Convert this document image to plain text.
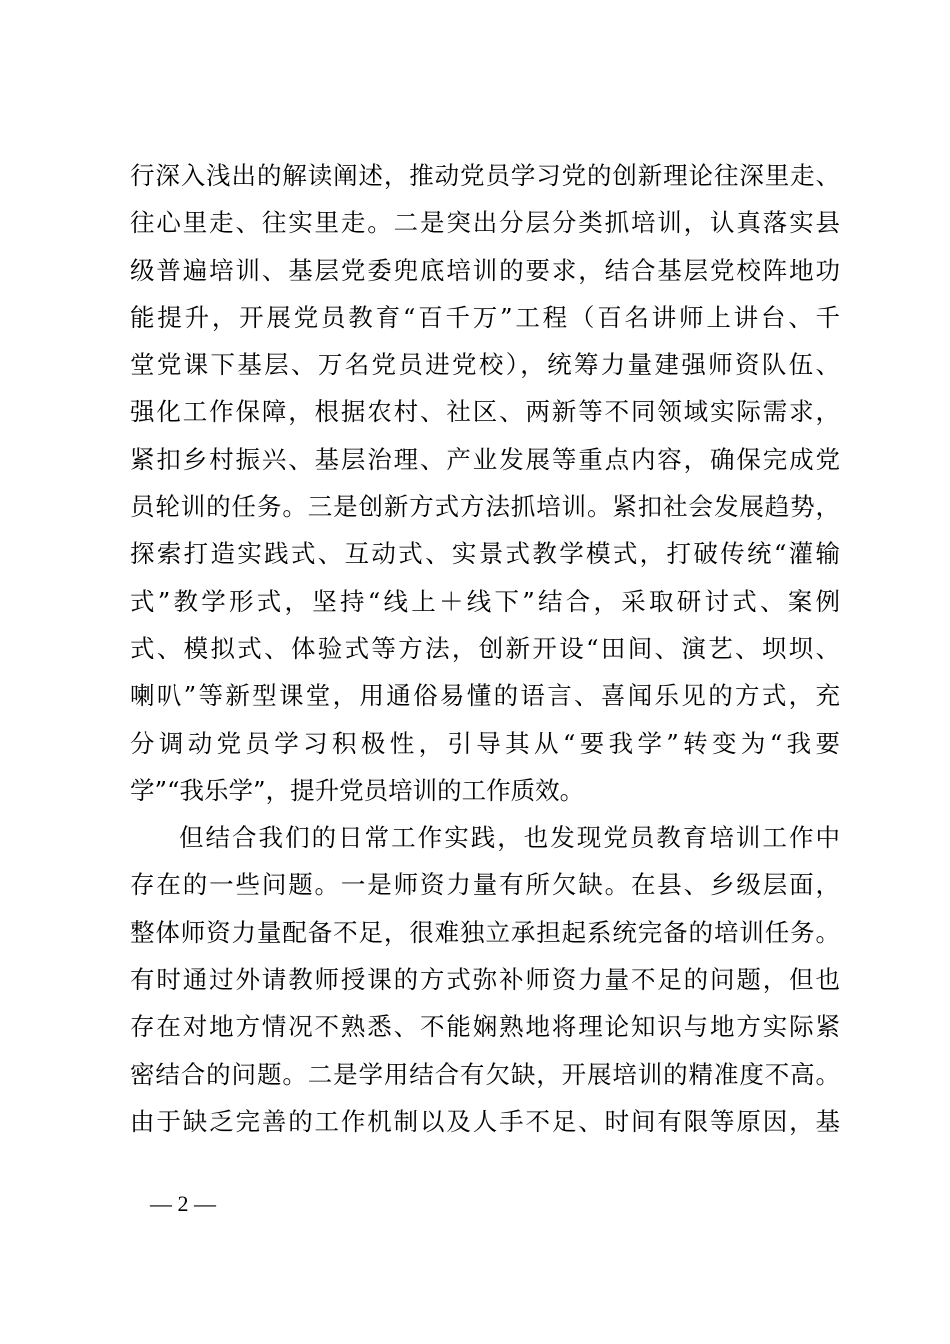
行深入浅出的解读阐述，推动党员学习党的创新理论往深里走、
往心里走、往实里走。二是突出分层分类抓培训，认真落实县
级普遍培训、基层党委兜底培训的要求，结合基层党校阵地功
能提升，开展党员教育“百千万”工程（百名讲师上讲台、千
堂党课下基层、万名党员进党校），统筹力量建强师资队伍、
强化工作保障，根据农村、社区、两新等不同领域实际需求，
紧扣乡村振兴、基层治理、产业发展等重点内容，确保完成党
员轮训的任务。三是创新方式方法抓培训。紧扣社会发展趋势，
探索打造实践式、互动式、实景式教学模式，打破传统“灌输
式”教学形式，坚持“线上＋线下”结合，采取研讨式、案例
式、模拟式、体验式等方法，创新开设“田间、演艺、坝坝、
喇叭”等新型课堂，用通俗易懂的语言、喜闻乐见的方式，充
分调动党员学习积极性，引导其从“要我学”转变为“我要
学”“我乐学”，提升党员培训的工作质效。
但结合我们的日常工作实践，也发现党员教育培训工作中
存在的一些问题。一是师资力量有所欠缺。在县、乡级层面，
整体师资力量配备不足，很难独立承担起系统完备的培训任务。
有时通过外请教师授课的方式弥补师资力量不足的问题，但也
存在对地方情况不熟悉、不能娴熟地将理论知识与地方实际紧
密结合的问题。二是学用结合有欠缺，开展培训的精准度不高。
由于缺乏完善的工作机制以及人手不足、时间有限等原因，基
— 2 —
